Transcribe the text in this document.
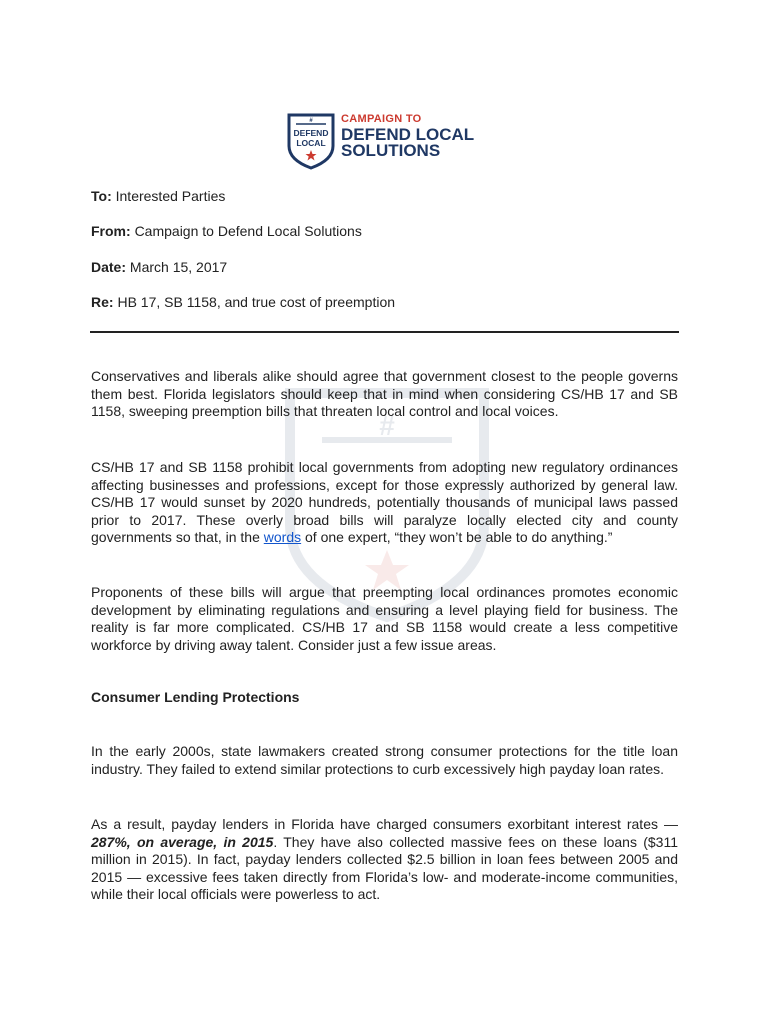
#
DEFEND
LOCAL
CAMPAIGN TO
DEFEND LOCAL
SOLUTIONS
#
To: Interested Parties
From: Campaign to Defend Local Solutions
Date: March 15, 2017
Re: HB 17, SB 1158, and true cost of preemption
Conservatives and liberals alike should agree that government closest to the people governs them best. Florida legislators should keep that in mind when considering CS/HB 17 and SB 1158, sweeping preemption bills that threaten local control and local voices.
CS/HB 17 and SB 1158 prohibit local governments from adopting new regulatory ordinances affecting businesses and professions, except for those expressly authorized by general law. CS/HB 17 would sunset by 2020 hundreds, potentially thousands of municipal laws passed prior to 2017. These overly broad bills will paralyze locally elected city and county governments so that, in the words of one expert, “they won’t be able to do anything.”
Proponents of these bills will argue that preempting local ordinances promotes economic development by eliminating regulations and ensuring a level playing field for business. The reality is far more complicated. CS/HB 17 and SB 1158 would create a less competitive workforce by driving away talent. Consider just a few issue areas.
Consumer Lending Protections
In the early 2000s, state lawmakers created strong consumer protections for the title loan industry. They failed to extend similar protections to curb excessively high payday loan rates.
As a result, payday lenders in Florida have charged consumers exorbitant interest rates — 287%, on average, in 2015. They have also collected massive fees on these loans ($311 million in 2015). In fact, payday lenders collected $2.5 billion in loan fees between 2005 and 2015 — excessive fees taken directly from Florida’s low- and moderate-income communities, while their local officials were powerless to act.
